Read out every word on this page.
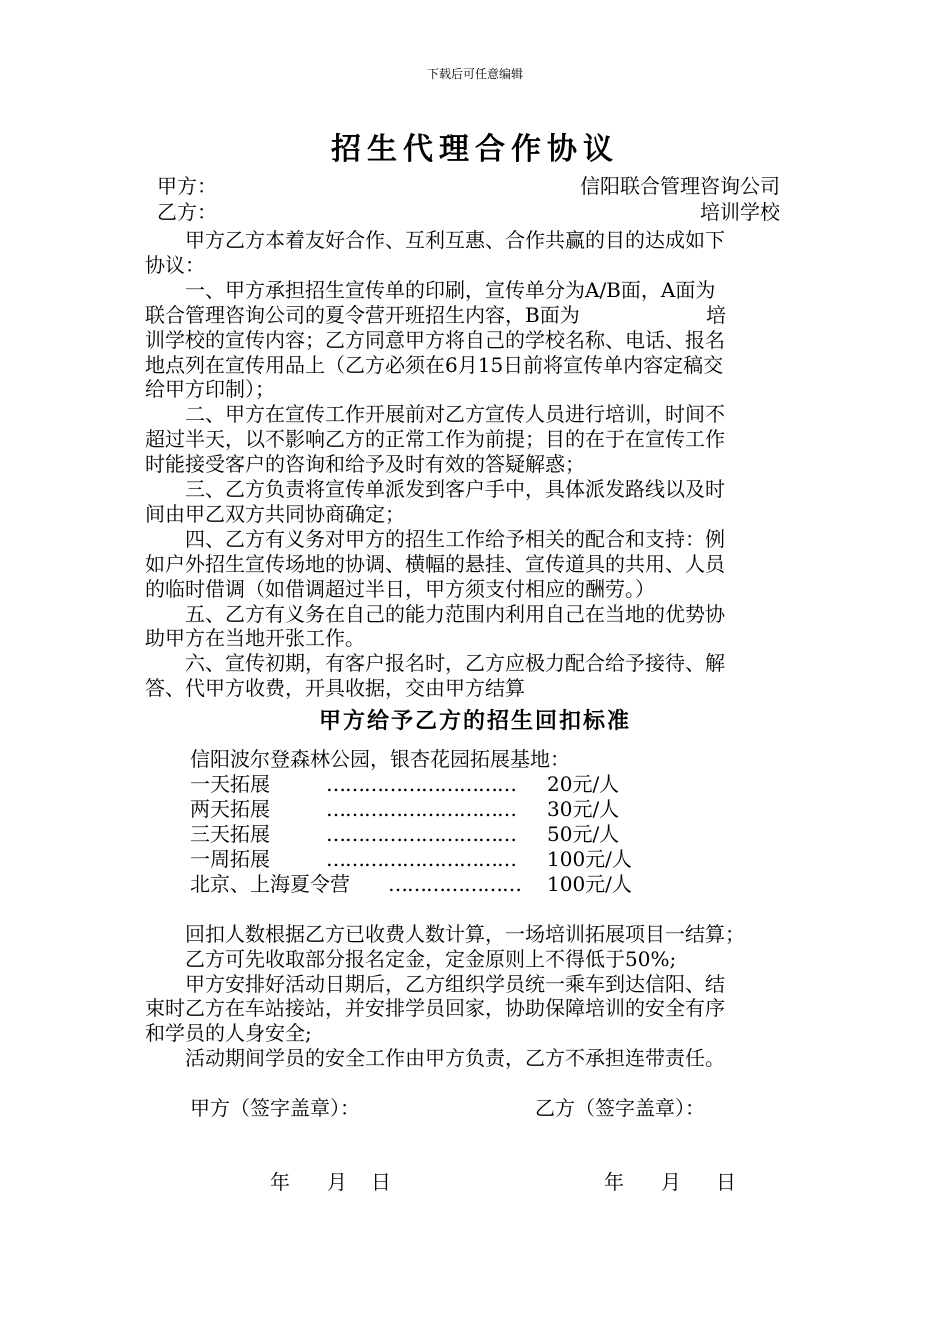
下载后可任意编辑
招生代理合作协议
甲方：	信阳联合管理咨询公司
乙方：	培训学校
　　甲方乙方本着友好合作、互利互惠、合作共赢的目的达成如下
协议：
　　一、甲方承担招生宣传单的印刷，宣传单分为A/B面，A面为
联合管理咨询公司的夏令营开班招生内容，B面为　　　　　　 培
训学校的宣传内容；乙方同意甲方将自己的学校名称、电话、报名
地点列在宣传用品上（乙方必须在6月15日前将宣传单内容定稿交
给甲方印制）；
　　二、甲方在宣传工作开展前对乙方宣传人员进行培训，时间不
超过半天，以不影响乙方的正常工作为前提；目的在于在宣传工作
时能接受客户的咨询和给予及时有效的答疑解惑；
　　三、乙方负责将宣传单派发到客户手中，具体派发路线以及时
间由甲乙双方共同协商确定；
　　四、乙方有义务对甲方的招生工作给予相关的配合和支持：例
如户外招生宣传场地的协调、横幅的悬挂、宣传道具的共用、人员
的临时借调（如借调超过半日，甲方须支付相应的酬劳。）
　　五、乙方有义务在自己的能力范围内利用自己在当地的优势协
助甲方在当地开张工作。
　　六、宣传初期，有客户报名时，乙方应极力配合给予接待、解
答、代甲方收费，开具收据，交由甲方结算
甲方给予乙方的招生回扣标准
信阳波尔登森林公园，银杏花园拓展基地：
一天拓展	………………………… 20元/人
两天拓展	………………………… 30元/人
三天拓展	………………………… 50元/人
一周拓展	………………………… 100元/人
北京、上海夏令营 ………………… 100元/人
　　回扣人数根据乙方已收费人数计算，一场培训拓展项目一结算；
　　乙方可先收取部分报名定金，定金原则上不得低于50%;
　　甲方安排好活动日期后，乙方组织学员统一乘车到达信阳、结
束时乙方在车站接站，并安排学员回家，协助保障培训的安全有序
和学员的人身安全;
　　活动期间学员的安全工作由甲方负责，乙方不承担连带责任。
甲方（签字盖章）：	乙方（签字盖章）：
年 月 日	年 月 日
